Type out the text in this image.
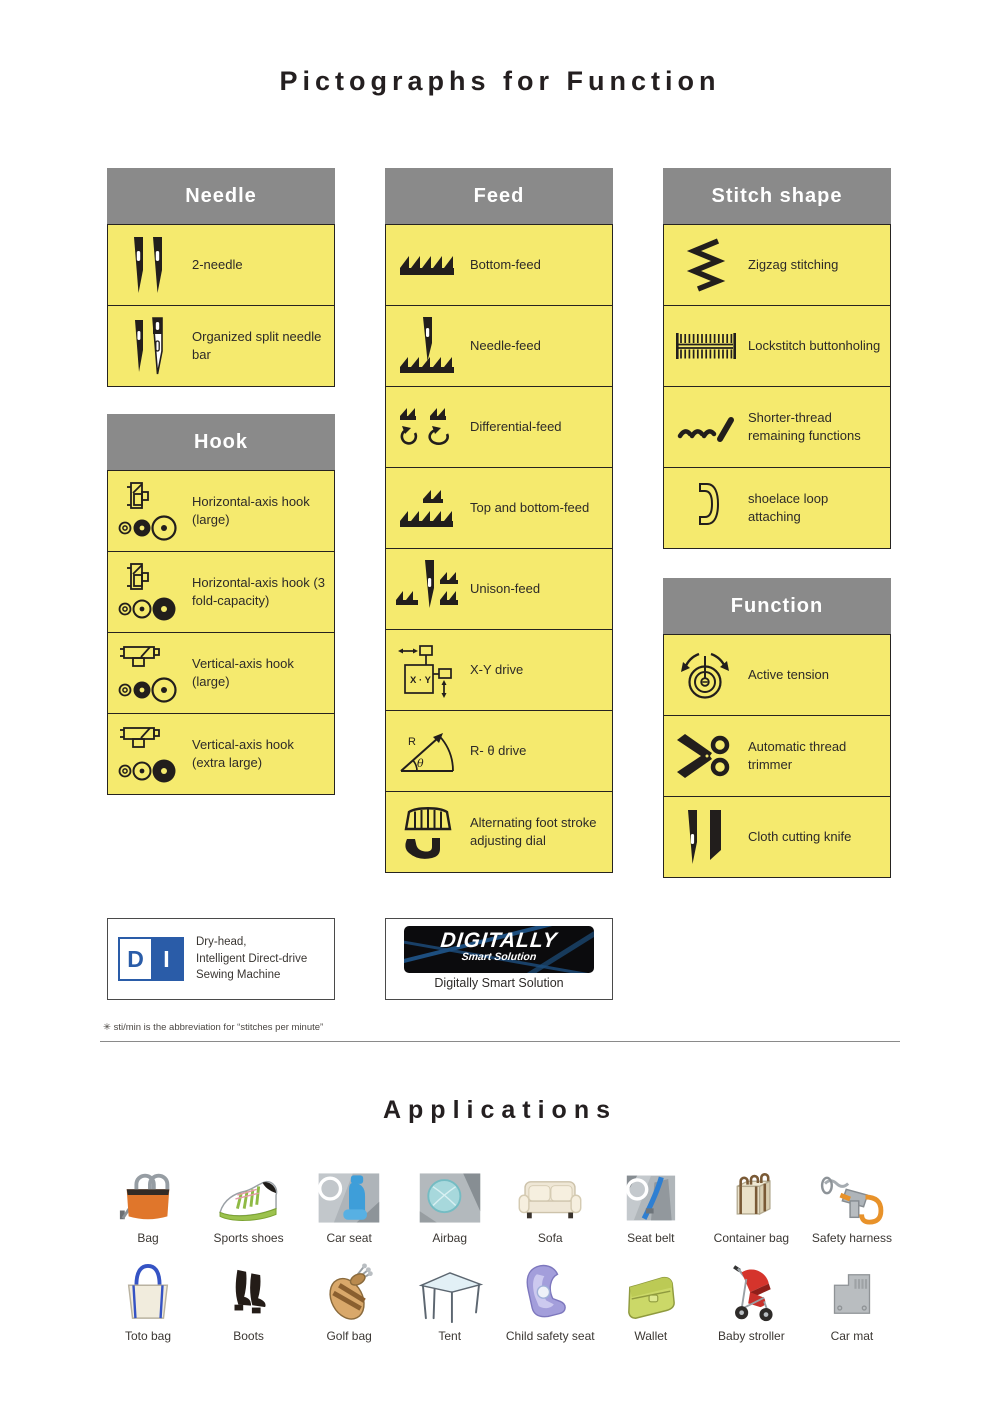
Pictographs for Function
Needle
2-needle
Organized split needle bar
Hook
Horizontal-axis hook (large)
Horizontal-axis hook (3 fold-capacity)
Vertical-axis hook (large)
Vertical-axis hook (extra large)
Feed
Bottom-feed
Needle-feed
Differential-feed
Top and bottom-feed
Unison-feed
X · Y
X-Y drive
R
θ
R- θ drive
Alternating foot stroke adjusting dial
Stitch shape
Zigzag stitching
Lockstitch buttonholing
Shorter-thread remaining functions
shoelace loop attaching
Function
Active tension
Automatic thread trimmer
Cloth cutting knife
D I
Dry-head,
Intelligent Direct-drive
Sewing Machine
DIGITALLY
Smart Solution
Digitally Smart Solution
✳ sti/min is the abbreviation for “stitches per minute”
Applications
Bag	Sports shoes	Car seat	Airbag	Sofa	Seat belt	Container bag Safety harness
Toto bag	Boots	Golf bag	Tent	Child safety seat	Wallet	Baby stroller	Car mat
